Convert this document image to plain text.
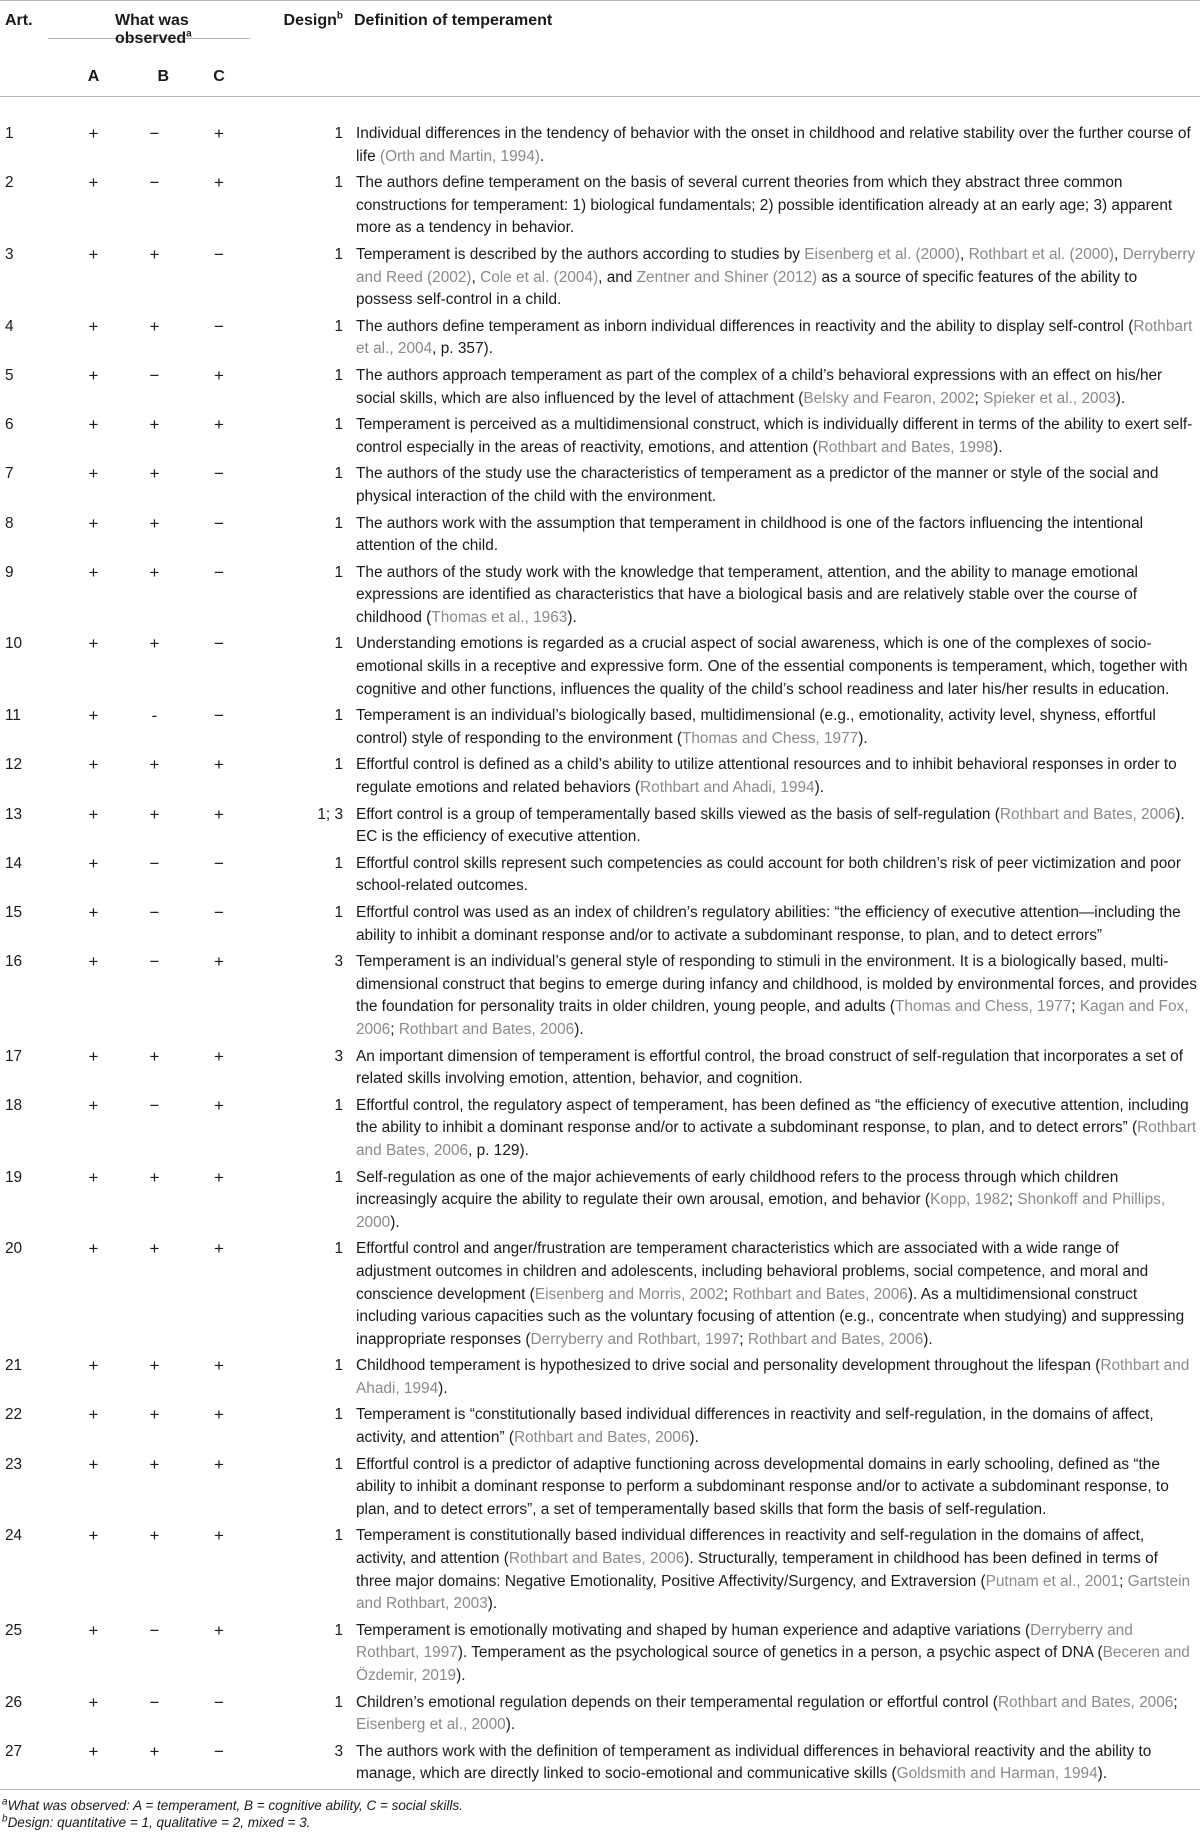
Art.	What was observed$^a$			Design$^b$	Definition of temperament
	A	B	C		
1	+	−	+	1	Individual differences in the tendency of behavior with the onset in childhood and relative stability over the further course of life (Orth and Martin, 1994).
2	+	−	+	1	The authors define temperament on the basis of several current theories from which they abstract three common constructions for temperament: 1) biological fundamentals; 2) possible identification already at an early age; 3) apparent more as a tendency in behavior.
3	+	+	−	1	Temperament is described by the authors according to studies by Eisenberg et al. (2000), Rothbart et al. (2000), Derryberry and Reed (2002), Cole et al. (2004), and Zentner and Shiner (2012) as a source of specific features of the ability to possess self-control in a child.
4	+	+	−	1	The authors define temperament as inborn individual differences in reactivity and the ability to display self-control (Rothbart et al., 2004, p. 357).
5	+	−	+	1	The authors approach temperament as part of the complex of a child’s behavioral expressions with an effect on his/her social skills, which are also influenced by the level of attachment (Belsky and Fearon, 2002; Spieker et al., 2003).
6	+	+	+	1	Temperament is perceived as a multidimensional construct, which is individually different in terms of the ability to exert self-control especially in the areas of reactivity, emotions, and attention (Rothbart and Bates, 1998).
7	+	+	−	1	The authors of the study use the characteristics of temperament as a predictor of the manner or style of the social and physical interaction of the child with the environment.
8	+	+	−	1	The authors work with the assumption that temperament in childhood is one of the factors influencing the intentional attention of the child.
9	+	+	−	1	The authors of the study work with the knowledge that temperament, attention, and the ability to manage emotional expressions are identified as characteristics that have a biological basis and are relatively stable over the course of childhood (Thomas et al., 1963).
10	+	+	−	1	Understanding emotions is regarded as a crucial aspect of social awareness, which is one of the complexes of socio-emotional skills in a receptive and expressive form. One of the essential components is temperament, which, together with cognitive and other functions, influences the quality of the child’s school readiness and later his/her results in education.
11	+	-	−	1	Temperament is an individual’s biologically based, multidimensional (e.g., emotionality, activity level, shyness, effortful control) style of responding to the environment (Thomas and Chess, 1977).
12	+	+	+	1	Effortful control is defined as a child’s ability to utilize attentional resources and to inhibit behavioral responses in order to regulate emotions and related behaviors (Rothbart and Ahadi, 1994).
13	+	+	+	1; 3	Effort control is a group of temperamentally based skills viewed as the basis of self-regulation (Rothbart and Bates, 2006). EC is the efficiency of executive attention.
14	+	−	−	1	Effortful control skills represent such competencies as could account for both children’s risk of peer victimization and poor school-related outcomes.
15	+	−	−	1	Effortful control was used as an index of children’s regulatory abilities: “the efficiency of executive attention—including the ability to inhibit a dominant response and/or to activate a subdominant response, to plan, and to detect errors”
16	+	−	+	3	Temperament is an individual’s general style of responding to stimuli in the environment. It is a biologically based, multi-dimensional construct that begins to emerge during infancy and childhood, is molded by environmental forces, and provides the foundation for personality traits in older children, young people, and adults (Thomas and Chess, 1977; Kagan and Fox, 2006; Rothbart and Bates, 2006).
17	+	+	+	3	An important dimension of temperament is effortful control, the broad construct of self-regulation that incorporates a set of related skills involving emotion, attention, behavior, and cognition.
18	+	−	+	1	Effortful control, the regulatory aspect of temperament, has been defined as “the efficiency of executive attention, including the ability to inhibit a dominant response and/or to activate a subdominant response, to plan, and to detect errors” (Rothbart and Bates, 2006, p. 129).
19	+	+	+	1	Self-regulation as one of the major achievements of early childhood refers to the process through which children increasingly acquire the ability to regulate their own arousal, emotion, and behavior (Kopp, 1982; Shonkoff and Phillips, 2000).
20	+	+	+	1	Effortful control and anger/frustration are temperament characteristics which are associated with a wide range of adjustment outcomes in children and adolescents, including behavioral problems, social competence, and moral and conscience development (Eisenberg and Morris, 2002; Rothbart and Bates, 2006). As a multidimensional construct including various capacities such as the voluntary focusing of attention (e.g., concentrate when studying) and suppressing inappropriate responses (Derryberry and Rothbart, 1997; Rothbart and Bates, 2006).
21	+	+	+	1	Childhood temperament is hypothesized to drive social and personality development throughout the lifespan (Rothbart and Ahadi, 1994).
22	+	+	+	1	Temperament is “constitutionally based individual differences in reactivity and self-regulation, in the domains of affect, activity, and attention” (Rothbart and Bates, 2006).
23	+	+	+	1	Effortful control is a predictor of adaptive functioning across developmental domains in early schooling, defined as “the ability to inhibit a dominant response to perform a subdominant response and/or to activate a subdominant response, to plan, and to detect errors”, a set of temperamentally based skills that form the basis of self-regulation.
24	+	+	+	1	Temperament is constitutionally based individual differences in reactivity and self-regulation in the domains of affect, activity, and attention (Rothbart and Bates, 2006). Structurally, temperament in childhood has been defined in terms of three major domains: Negative Emotionality, Positive Affectivity/Surgency, and Extraversion (Putnam et al., 2001; Gartstein and Rothbart, 2003).
25	+	−	+	1	Temperament is emotionally motivating and shaped by human experience and adaptive variations (Derryberry and Rothbart, 1997). Temperament as the psychological source of genetics in a person, a psychic aspect of DNA (Beceren and Özdemir, 2019).
26	+	−	−	1	Children’s emotional regulation depends on their temperamental regulation or effortful control (Rothbart and Bates, 2006; Eisenberg et al., 2000).
27	+	+	−	3	The authors work with the definition of temperament as individual differences in behavioral reactivity and the ability to manage, which are directly linked to socio-emotional and communicative skills (Goldsmith and Harman, 1994).
$^a$What was observed: A = temperament, B = cognitive ability, C = social skills.
$^b$Design: quantitative = 1, qualitative = 2, mixed = 3.
